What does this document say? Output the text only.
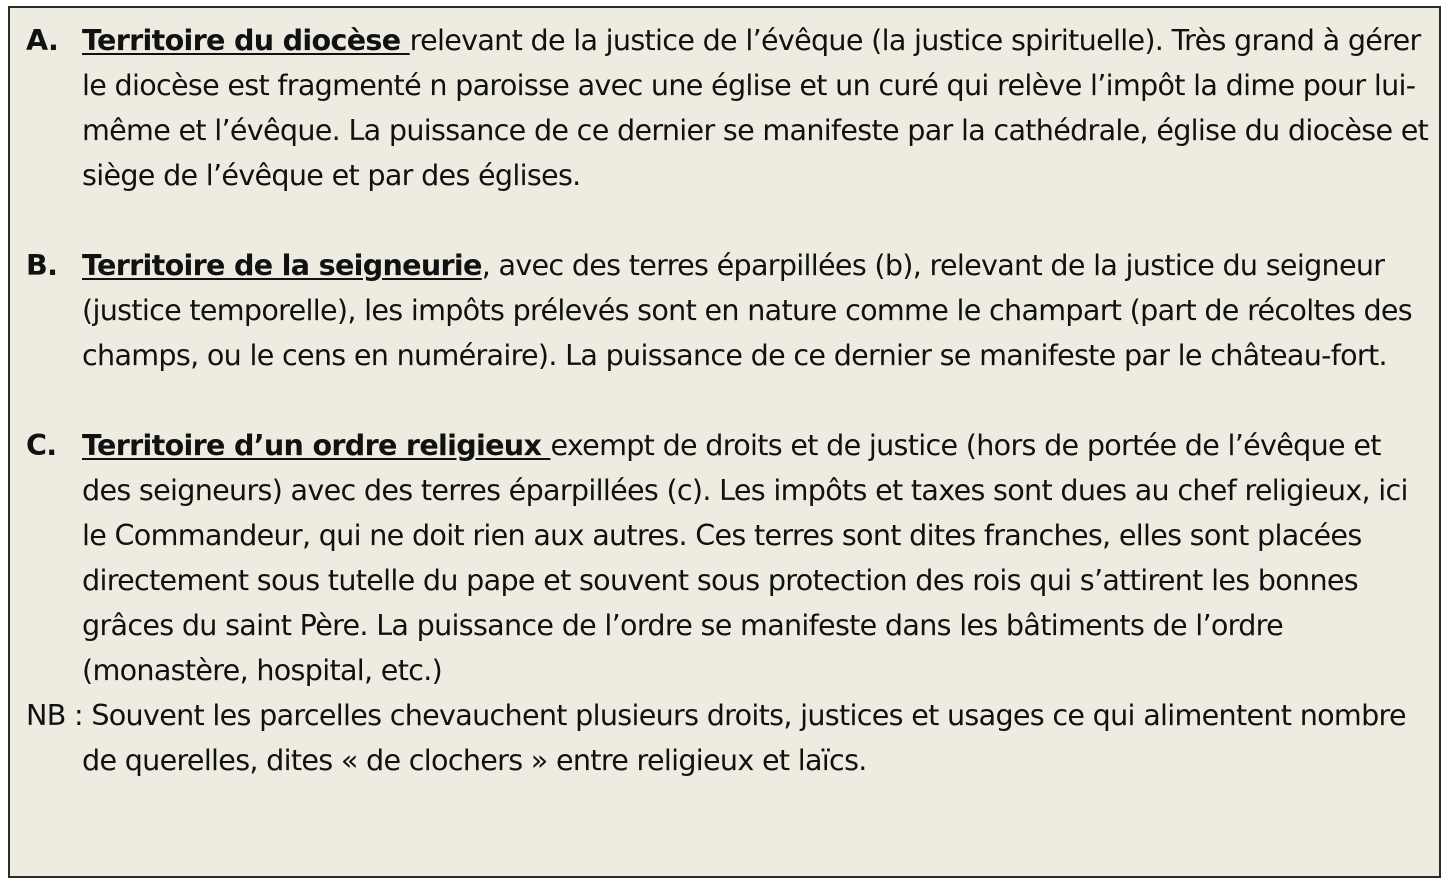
A. Territoire du diocèse relevant de la justice de l’évêque (la justice spirituelle). Très grand à gérer le diocèse est fragmenté n paroisse avec une église et un curé qui relève l’impôt la dime pour lui-même et l’évêque. La puissance de ce dernier se manifeste par la cathédrale, église du diocèse et siège de l’évêque et par des églises.

B. Territoire de la seigneurie, avec des terres éparpillées (b), relevant de la justice du seigneur (justice temporelle), les impôts prélevés sont en nature comme le champart (part de récoltes des champs, ou le cens en numéraire). La puissance de ce dernier se manifeste par le château-fort.

C. Territoire d’un ordre religieux exempt de droits et de justice (hors de portée de l’évêque et des seigneurs) avec des terres éparpillées (c). Les impôts et taxes sont dues au chef religieux, ici le Commandeur, qui ne doit rien aux autres. Ces terres sont dites franches, elles sont placées directement sous tutelle du pape et souvent sous protection des rois qui s’attirent les bonnes grâces du saint Père. La puissance de l’ordre se manifeste dans les bâtiments de l’ordre (monastère, hospital, etc.)

NB : Souvent les parcelles chevauchent plusieurs droits, justices et usages ce qui alimentent nombre de querelles, dites « de clochers » entre religieux et laïcs.
